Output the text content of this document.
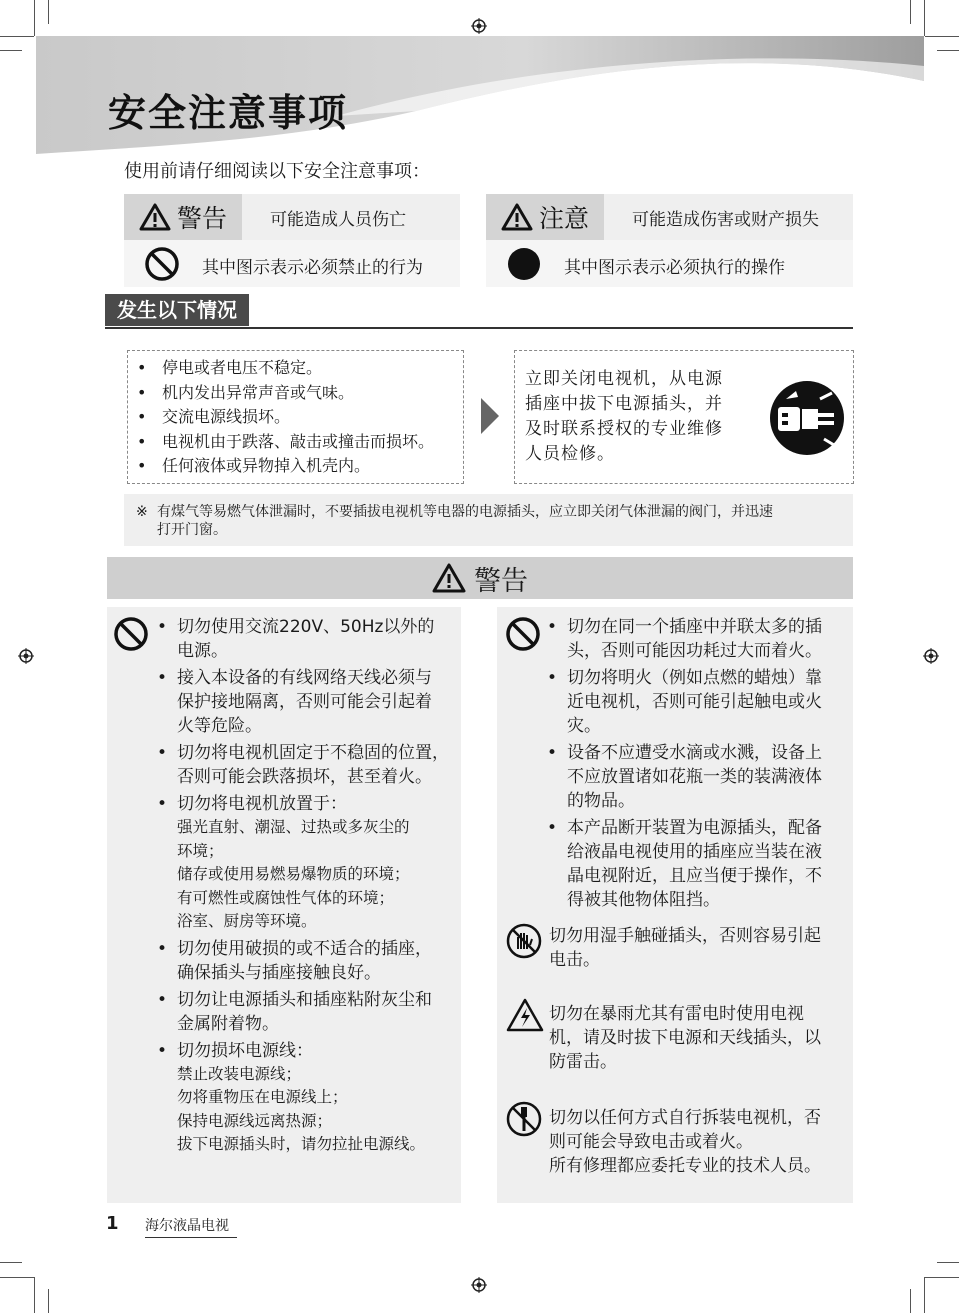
安全注意事项
使用前请仔细阅读以下安全注意事项：
警告	可能造成人员伤亡
其中图示表示必须禁止的行为
注意	可能造成伤害或财产损失
其中图示表示必须执行的操作
发生以下情况
• 停电或者电压不稳定。
• 机内发出异常声音或气味。
• 交流电源线损坏。
• 电视机由于跌落、敲击或撞击而损坏。
• 任何液体或异物掉入机壳内。
立即关闭电视机，从电源
插座中拔下电源插头，并
及时联系授权的专业维修
人员检修。
※ 有煤气等易燃气体泄漏时，不要插拔电视机等电器的电源插头，应立即关闭气体泄漏的阀门，并迅速
打开门窗。
警告
• 切勿使用交流220V、50Hz以外的
电源。
• 接入本设备的有线网络天线必须与
保护接地隔离，否则可能会引起着
火等危险。
• 切勿将电视机固定于不稳固的位置，
否则可能会跌落损坏，甚至着火。
• 切勿将电视机放置于：
强光直射、潮湿、过热或多灰尘的
环境；
储存或使用易燃易爆物质的环境；
有可燃性或腐蚀性气体的环境；
浴室、厨房等环境。
• 切勿使用破损的或不适合的插座，
确保插头与插座接触良好。
• 切勿让电源插头和插座粘附灰尘和
金属附着物。
• 切勿损坏电源线：
禁止改装电源线；
勿将重物压在电源线上；
保持电源线远离热源；
拔下电源插头时，请勿拉扯电源线。
• 切勿在同一个插座中并联太多的插
头，否则可能因功耗过大而着火。
• 切勿将明火（例如点燃的蜡烛）靠
近电视机，否则可能引起触电或火
灾。
• 设备不应遭受水滴或水溅，设备上
不应放置诸如花瓶一类的装满液体
的物品。
• 本产品断开装置为电源插头，配备
给液晶电视使用的插座应当装在液
晶电视附近，且应当便于操作，不
得被其他物体阻挡。
切勿用湿手触碰插头，否则容易引起
电击。
切勿在暴雨尤其有雷电时使用电视
机，请及时拔下电源和天线插头，以
防雷击。
切勿以任何方式自行拆装电视机，否
则可能会导致电击或着火。
所有修理都应委托专业的技术人员。
1 海尔液晶电视
